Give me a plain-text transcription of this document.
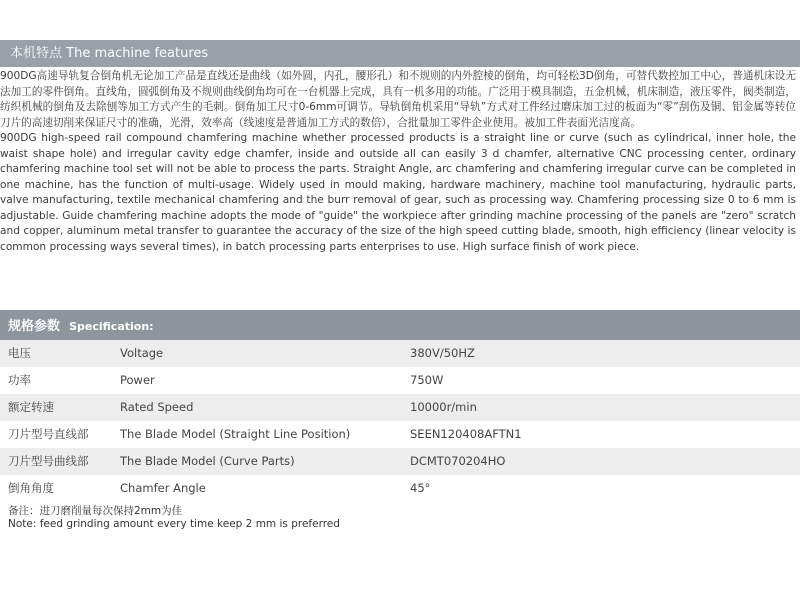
本机特点 The machine features

900DG高速导轨复合倒角机无论加工产品是直线还是曲线（如外圆，内孔，腰形孔）和不规则的内外腔棱的倒角，均可轻松3D倒角，可替代数控加工中心，普通机床设无法加工的零件倒角。直线角，圆弧倒角及不规则曲线倒角均可在一台机器上完成，具有一机多用的功能。广泛用于模具制造，五金机械，机床制造，液压零件，阀类制造，纺织机械的倒角及去除刨等加工方式产生的毛刺。倒角加工尺寸0-6mm可调节。导轨倒角机采用“导轨”方式对工件经过磨床加工过的板面为“零”刮伤及铜、铝金属等转位刀片的高速切削来保证尺寸的准确，光滑，效率高（线速度是普通加工方式的数倍），合批量加工零件企业使用。被加工件表面光洁度高。

900DG high-speed rail compound chamfering machine whether processed products is a straight line or curve (such as cylindrical, inner hole, the waist shape hole) and irregular cavity edge chamfer, inside and outside all can easily 3 d chamfer, alternative CNC processing center, ordinary chamfering machine tool set will not be able to process the parts. Straight Angle, arc chamfering and chamfering irregular curve can be completed in one machine, has the function of multi-usage. Widely used in mould making, hardware machinery, machine tool manufacturing, hydraulic parts, valve manufacturing, textile mechanical chamfering and the burr removal of gear, such as processing way. Chamfering processing size 0 to 6 mm is adjustable. Guide chamfering machine adopts the mode of "guide" the workpiece after grinding machine processing of the panels are "zero" scratch and copper, aluminum metal transfer to guarantee the accuracy of the size of the high speed cutting blade, smooth, high efficiency (linear velocity is common processing ways several times), in batch processing parts enterprises to use. High surface finish of work piece.

规格参数 Specification:
电压	Voltage	380V/50HZ
功率	Power	750W
额定转速	Rated Speed	10000r/min
刀片型号直线部	The Blade Model (Straight Line Position)	SEEN120408AFTN1
刀片型号曲线部	The Blade Model (Curve Parts)	DCMT070204HO
倒角角度	Chamfer Angle	45°
备注：进刀磨削量每次保持2mm为佳
Note: feed grinding amount every time keep 2 mm is preferred
